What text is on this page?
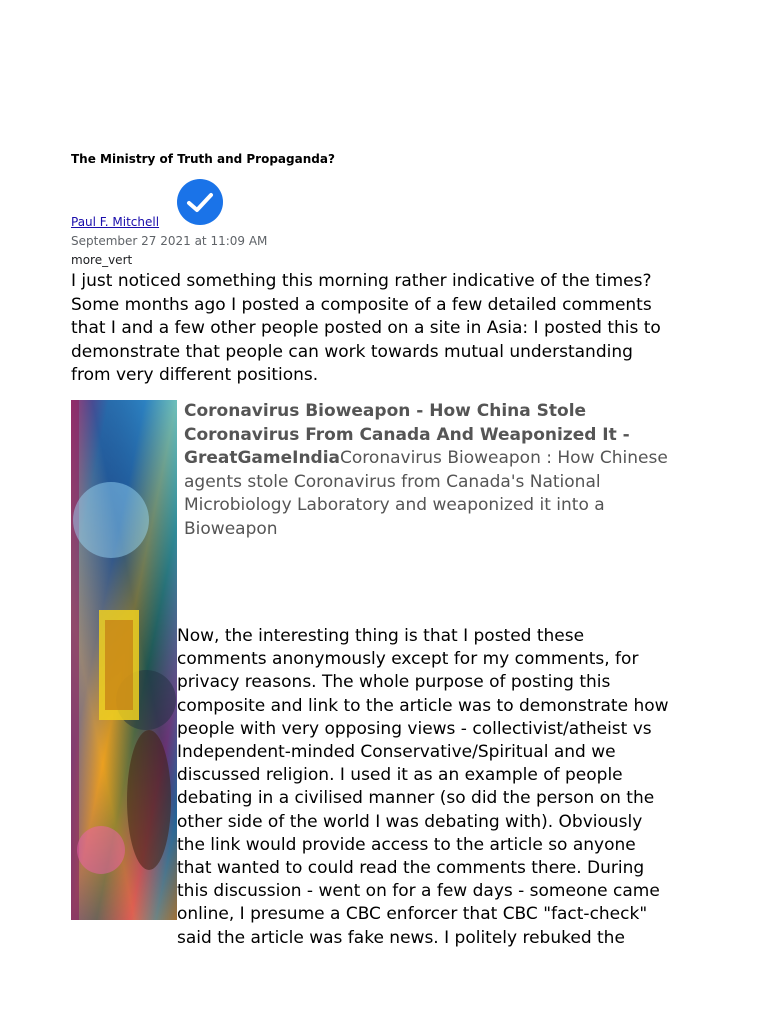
The Ministry of Truth and Propaganda?
Paul F. Mitchell
September 27 2021 at 11:09 AM
more_vert
I just noticed something this morning rather indicative of the times?
Some months ago I posted a composite of a few detailed comments
that I and a few other people posted on a site in Asia: I posted this to
demonstrate that people can work towards mutual understanding
from very different positions.
Coronavirus Bioweapon - How China Stole
Coronavirus From Canada And Weaponized It -
GreatGameIndiaCoronavirus Bioweapon : How Chinese
agents stole Coronavirus from Canada's National
Microbiology Laboratory and weaponized it into a
Bioweapon
Now, the interesting thing is that I posted these
comments anonymously except for my comments, for
privacy reasons. The whole purpose of posting this
composite and link to the article was to demonstrate how
people with very opposing views - collectivist/atheist vs
Independent-minded Conservative/Spiritual and we
discussed religion. I used it as an example of people
debating in a civilised manner (so did the person on the
other side of the world I was debating with). Obviously
the link would provide access to the article so anyone
that wanted to could read the comments there. During
this discussion - went on for a few days - someone came
online, I presume a CBC enforcer that CBC "fact-check"
said the article was fake news. I politely rebuked the
